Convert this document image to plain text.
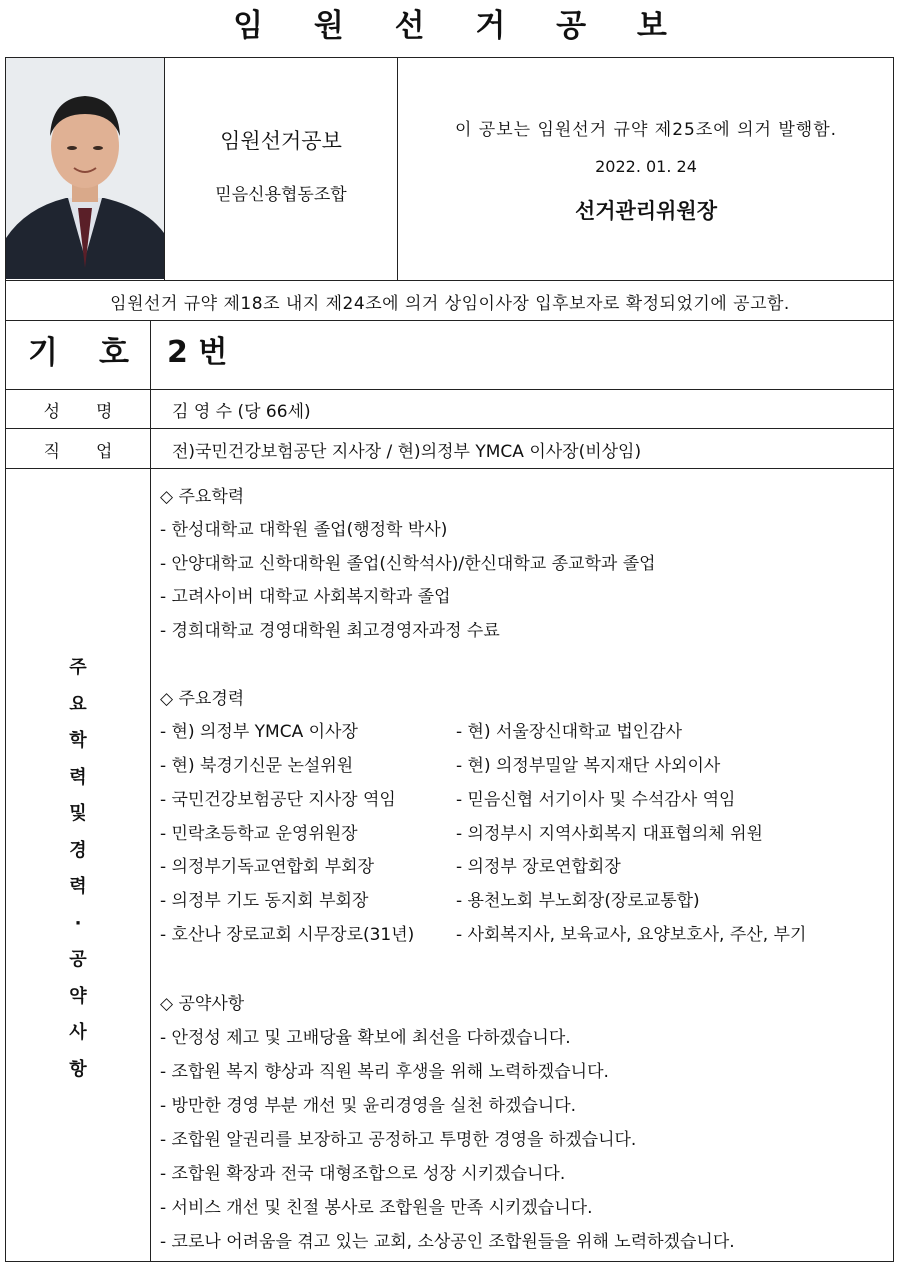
임 원 선 거 공 보
임원선거공보
믿음신용협동조합
이 공보는 임원선거 규약 제25조에 의거 발행함.
2022. 01. 24
선거관리위원장
임원선거 규약 제18조 내지 제24조에 의거 상임이사장 입후보자로 확정되었기에 공고함.
기 호 2 번
성명 김 영 수 (당 66세)
직업 전)국민건강보험공단 지사장 / 현)의정부 YMCA 이사장(비상임)
주
요
학
력
및
경
력
·
공
약
사
항
◇ 주요학력
- 한성대학교 대학원 졸업(행정학 박사)
- 안양대학교 신학대학원 졸업(신학석사)/한신대학교 종교학과 졸업
- 고려사이버 대학교 사회복지학과 졸업
- 경희대학교 경영대학원 최고경영자과정 수료
◇ 주요경력
- 현) 의정부 YMCA 이사장	- 현) 서울장신대학교 법인감사
- 현) 북경기신문 논설위원	- 현) 의정부밀알 복지재단 사외이사
- 국민건강보험공단 지사장 역임	- 믿음신협 서기이사 및 수석감사 역임
- 민락초등학교 운영위원장	- 의정부시 지역사회복지 대표협의체 위원
- 의정부기독교연합회 부회장	- 의정부 장로연합회장
- 의정부 기도 동지회 부회장	- 용천노회 부노회장(장로교통합)
- 호산나 장로교회 시무장로(31년) - 사회복지사, 보육교사, 요양보호사, 주산, 부기
◇ 공약사항
- 안정성 제고 및 고배당율 확보에 최선을 다하겠습니다.
- 조합원 복지 향상과 직원 복리 후생을 위해 노력하겠습니다.
- 방만한 경영 부분 개선 및 윤리경영을 실천 하겠습니다.
- 조합원 알권리를 보장하고 공정하고 투명한 경영을 하겠습니다.
- 조합원 확장과 전국 대형조합으로 성장 시키겠습니다.
- 서비스 개선 및 친절 봉사로 조합원을 만족 시키겠습니다.
- 코로나 어려움을 겪고 있는 교회, 소상공인 조합원들을 위해 노력하겠습니다.
